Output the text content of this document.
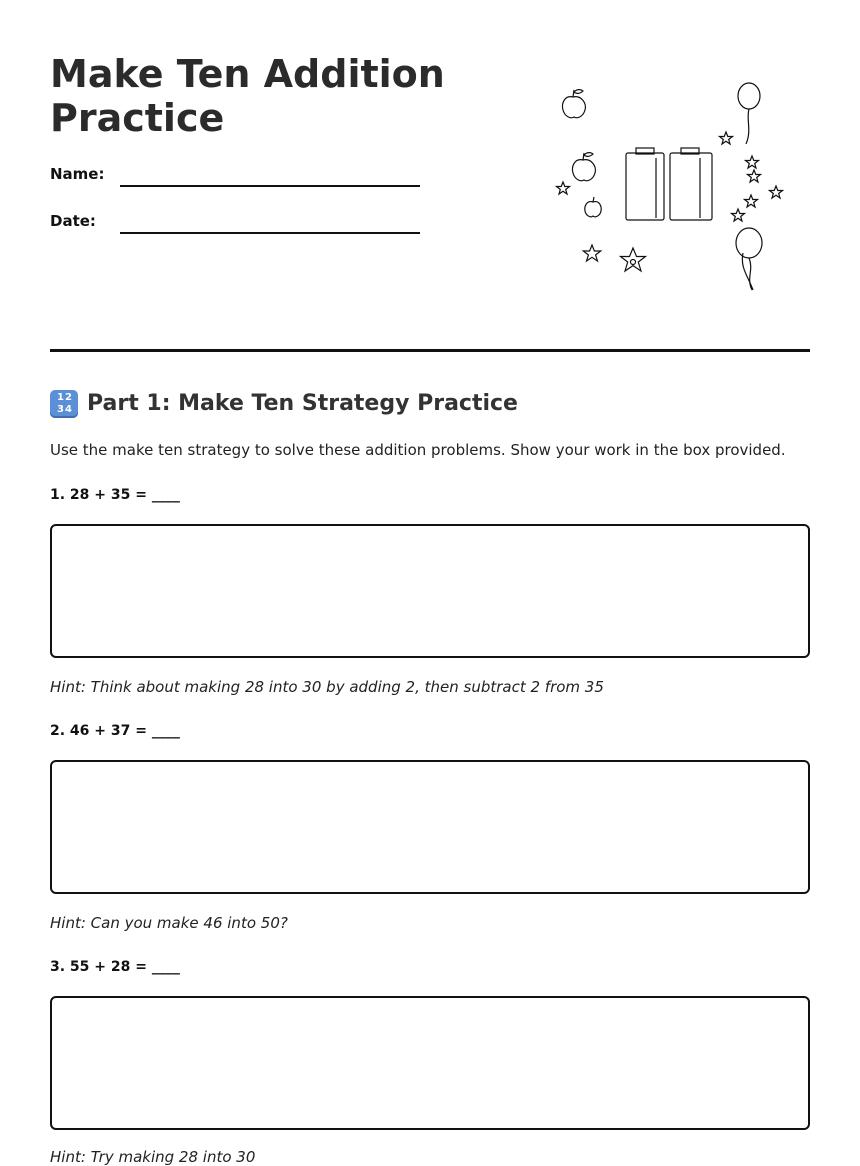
Make Ten Addition Practice
Name:
Date:
1 2
3 4 Part 1: Make Ten Strategy Practice

Use the make ten strategy to solve these addition problems. Show your work in the box provided.

1. 28 + 35 = ____

Hint: Think about making 28 into 30 by adding 2, then subtract 2 from 35

2. 46 + 37 = ____

Hint: Can you make 46 into 50?

3. 55 + 28 = ____

Hint: Try making 28 into 30
